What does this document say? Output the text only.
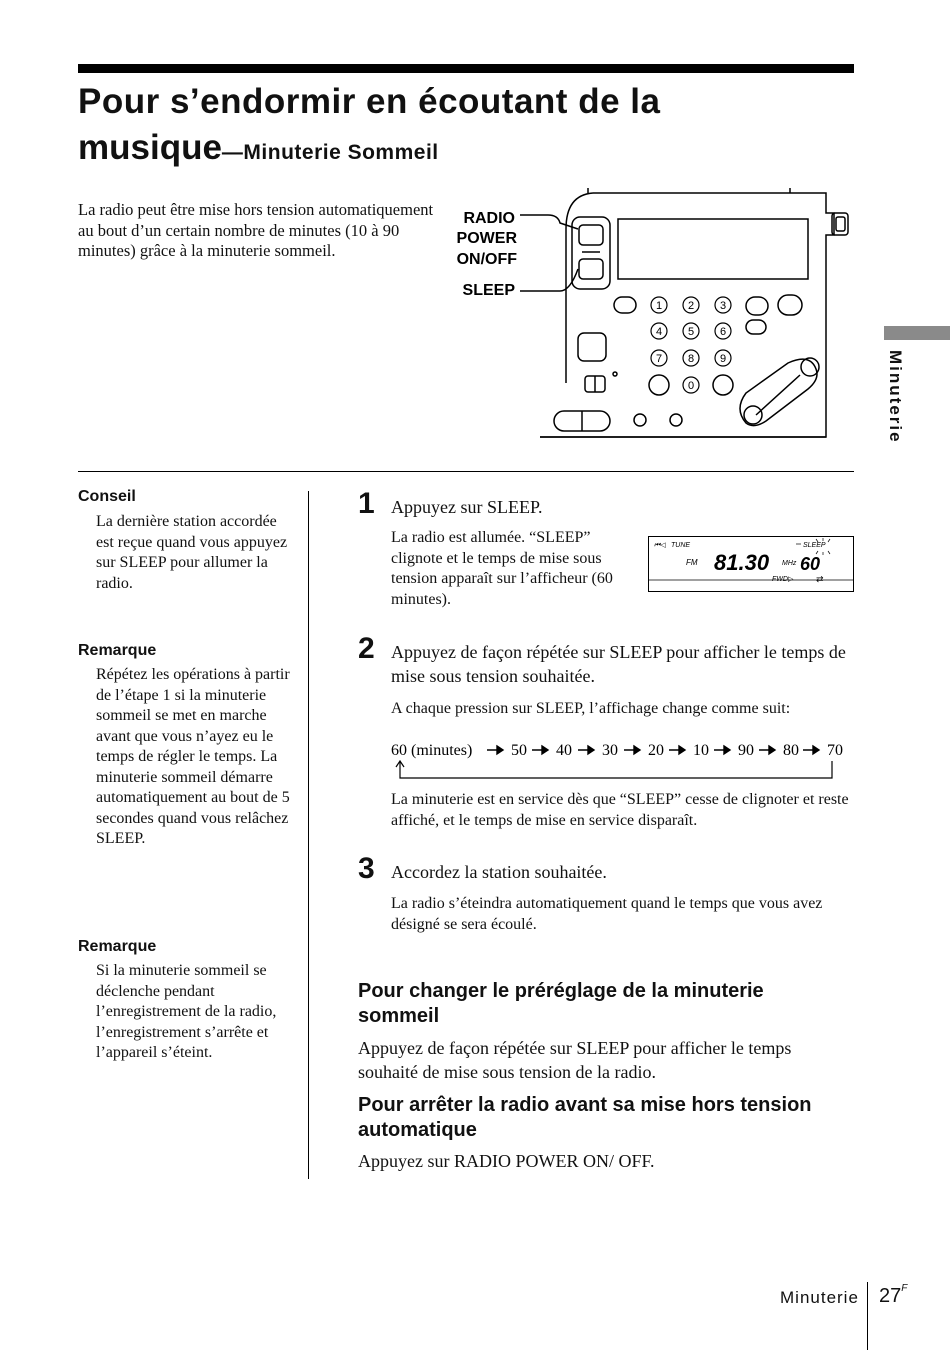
Pour s’endormir en écoutant de la
musique—Minuterie Sommeil
La radio peut être mise hors tension automatiquement au bout d’un certain nombre de minutes (10 à 90 minutes) grâce à la minuterie sommeil.
RADIO
POWER
ON/OFF
SLEEP
1 2 3
4 5 6
7 8 9
0	Minuterie
Conseil
La dernière station accordée est reçue quand vous appuyez sur SLEEP pour allumer la radio.
Remarque
Répétez les opérations à partir de l’étape 1 si la minuterie sommeil se met en marche avant que vous n’ayez eu le temps de régler le temps. La minuterie sommeil démarre automatiquement au bout de 5 secondes quand vous relâchez SLEEP.
Remarque
Si la minuterie sommeil se déclenche pendant l’enregistrement de la radio, l’enregistrement s’arrête et l’appareil s’éteint.
1 Appuyez sur SLEEP.
La radio est allumée. “SLEEP” clignote et le temps de mise sous tension apparaît sur l’afficheur (60 minutes).
⏮◁ TUNE
FM 81.30 MHz
SLEEP
60
FWD ▷	⇄
2 Appuyez de façon répétée sur SLEEP pour afficher le temps de mise sous tension souhaitée.
A chaque pression sur SLEEP, l’affichage change comme suit:
60 (minutes) 50 40 30 20 10 90 80 70
La minuterie est en service dès que “SLEEP” cesse de clignoter et reste affiché, et le temps de mise en service disparaît.
3 Accordez la station souhaitée.
La radio s’éteindra automatiquement quand le temps que vous avez désigné se sera écoulé.
Pour changer le préréglage de la minuterie sommeil
Appuyez de façon répétée sur SLEEP pour afficher le temps souhaité de mise sous tension de la radio.
Pour arrêter la radio avant sa mise hors tension automatique
Appuyez sur RADIO POWER ON/ OFF.
Minuterie $27^F$
